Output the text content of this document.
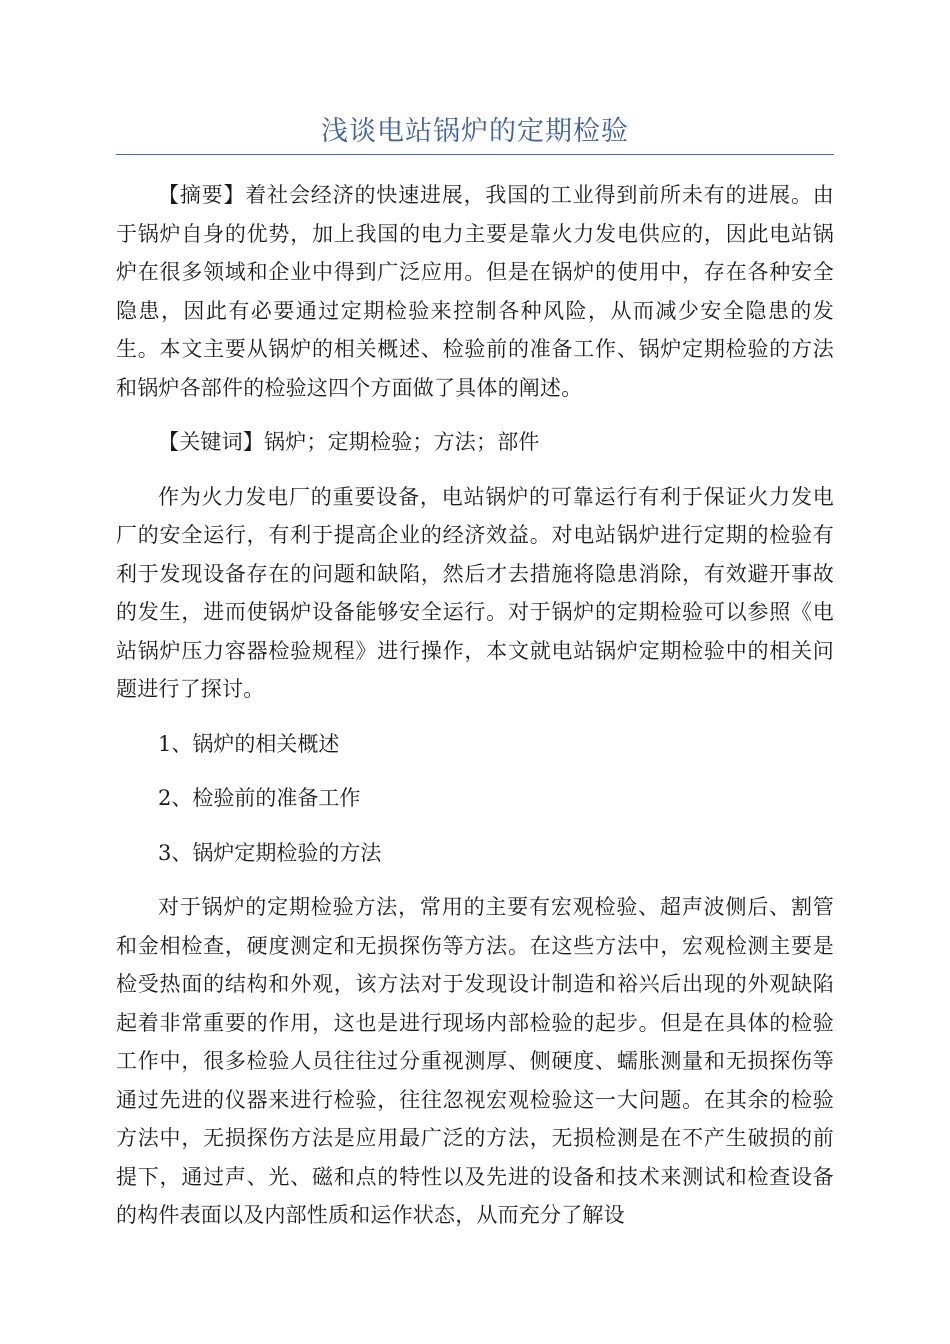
浅谈电站锅炉的定期检验

【摘要】着社会经济的快速进展，我国的工业得到前所未有的进展。由于锅炉自身的优势，加上我国的电力主要是靠火力发电供应的，因此电站锅炉在很多领域和企业中得到广泛应用。但是在锅炉的使用中，存在各种安全隐患，因此有必要通过定期检验来控制各种风险，从而减少安全隐患的发生。本文主要从锅炉的相关概述、检验前的准备工作、锅炉定期检验的方法和锅炉各部件的检验这四个方面做了具体的阐述。

【关键词】锅炉；定期检验；方法；部件

作为火力发电厂的重要设备，电站锅炉的可靠运行有利于保证火力发电厂的安全运行，有利于提高企业的经济效益。对电站锅炉进行定期的检验有利于发现设备存在的问题和缺陷，然后才去措施将隐患消除，有效避开事故的发生，进而使锅炉设备能够安全运行。对于锅炉的定期检验可以参照《电站锅炉压力容器检验规程》进行操作，本文就电站锅炉定期检验中的相关问题进行了探讨。

1、锅炉的相关概述

2、检验前的准备工作

3、锅炉定期检验的方法

对于锅炉的定期检验方法，常用的主要有宏观检验、超声波侧后、割管和金相检查，硬度测定和无损探伤等方法。在这些方法中，宏观检测主要是检受热面的结构和外观，该方法对于发现设计制造和裕兴后出现的外观缺陷起着非常重要的作用，这也是进行现场内部检验的起步。但是在具体的检验工作中，很多检验人员往往过分重视测厚、侧硬度、蠕胀测量和无损探伤等通过先进的仪器来进行检验，往往忽视宏观检验这一大问题。在其余的检验方法中，无损探伤方法是应用最广泛的方法，无损检测是在不产生破损的前提下，通过声、光、磁和点的特性以及先进的设备和技术来测试和检查设备的构件表面以及内部性质和运作状态，从而充分了解设
